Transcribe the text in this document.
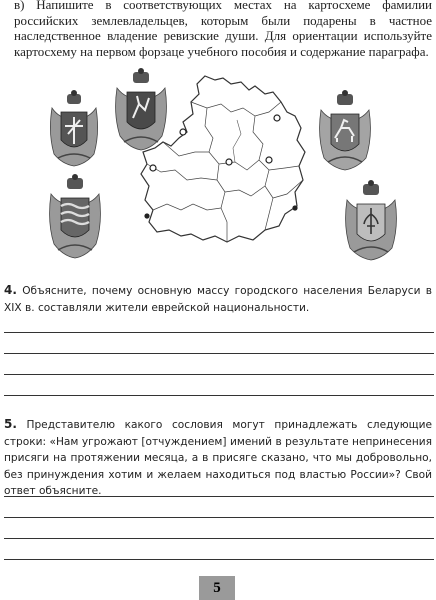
в) Напишите в соответствующих местах на картосхеме фамилии российских землевладельцев, которым были подарены в частное наследственное владение ревизские души. Для ориентации используйте картосхему на первом форзаце учебного пособия и содержание параграфа.
4. Объясните, почему основную массу городского населения Беларуси в XIX в. составляли жители еврейской национальности.
5. Представителю какого сословия могут принадлежать следующие строки: «Нам угрожают [отчуждением] имений в результате непринесения присяги на протяжении месяца, а в присяге сказано, что мы добровольно, без принуждения хотим и желаем находиться под властью России»? Свой ответ объясните.
5
